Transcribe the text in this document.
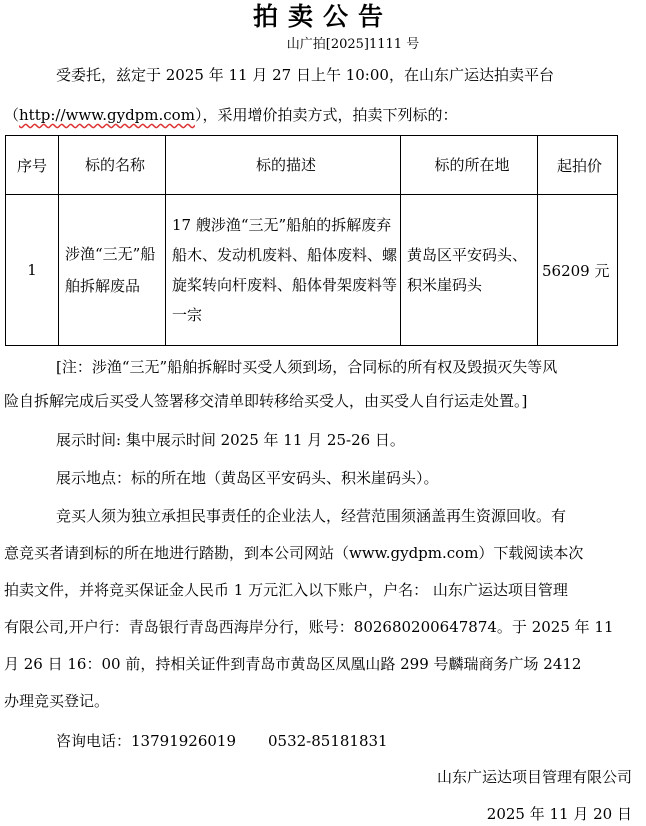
拍卖公告
山广拍[2025]1111 号
受委托，兹定于 2025 年 11 月 27 日上午 10:00，在山东广运达拍卖平台
（http://www.gydpm.com），采用增价拍卖方式，拍卖下列标的：
序号	标的名称	标的描述	标的所在地	起拍价
1	涉渔“三无”船舶拆解废品	17 艘涉渔“三无”船舶的拆解废弃船木、发动机废料、船体废料、螺旋桨转向杆废料、船体骨架废料等一宗	黄岛区平安码头、积米崖码头	56209 元
[注：涉渔“三无”船舶拆解时买受人须到场，合同标的所有权及毁损灭失等风
险自拆解完成后买受人签署移交清单即转移给买受人，由买受人自行运走处置。]
展示时间: 集中展示时间 2025 年 11 月 25-26 日。
展示地点：标的所在地（黄岛区平安码头、积米崖码头）。
竞买人须为独立承担民事责任的企业法人，经营范围须涵盖再生资源回收。有
意竞买者请到标的所在地进行踏勘，到本公司网站（www.gydpm.com）下载阅读本次
拍卖文件，并将竞买保证金人民币 1 万元汇入以下账户，户名： 山东广运达项目管理
有限公司,开户行：青岛银行青岛西海岸分行，账号：802680200647874。于 2025 年 11
月 26 日 16：00 前，持相关证件到青岛市黄岛区凤凰山路 299 号麟瑞商务广场 2412
办理竞买登记。
咨询电话：13791926019 0532-85181831
山东广运达项目管理有限公司
2025 年 11 月 20 日
